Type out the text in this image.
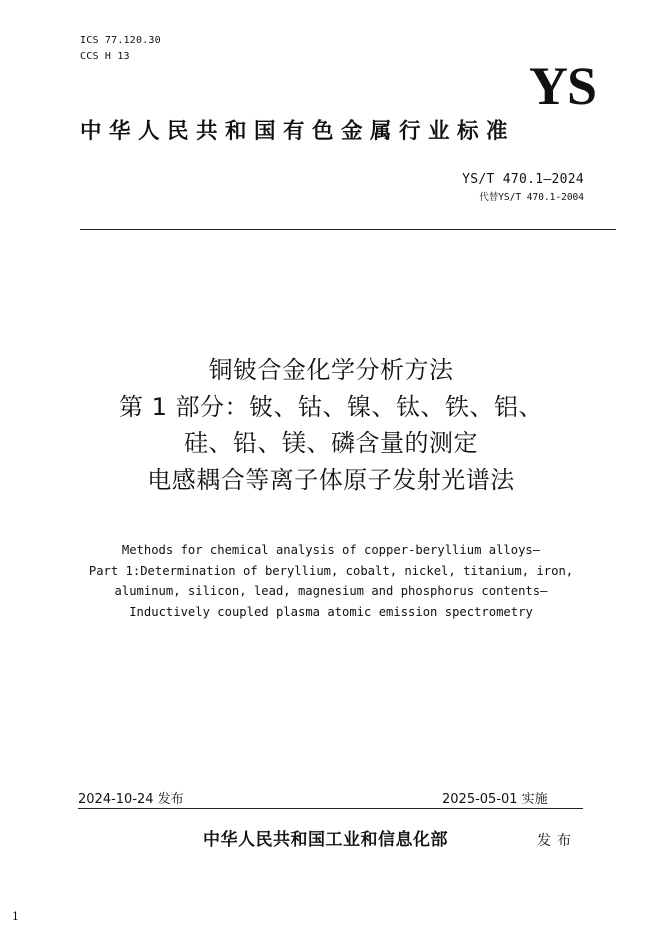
ICS 77.120.30
CCS H 13	YS
中华人民共和国有色金属行业标准
YS/T 470.1—2024
代替YS/T 470.1-2004
铜铍合金化学分析方法
第 1 部分：铍、钴、镍、钛、铁、铝、
硅、铅、镁、磷含量的测定
电感耦合等离子体原子发射光谱法
Methods for chemical analysis of copper-beryllium alloys—
Part 1:Determination of beryllium, cobalt, nickel, titanium, iron,
aluminum, silicon, lead, magnesium and phosphorus contents—
Inductively coupled plasma atomic emission spectrometry
2024-10-24 发布	2025-05-01 实施
中华人民共和国工业和信息化部	发布
1
